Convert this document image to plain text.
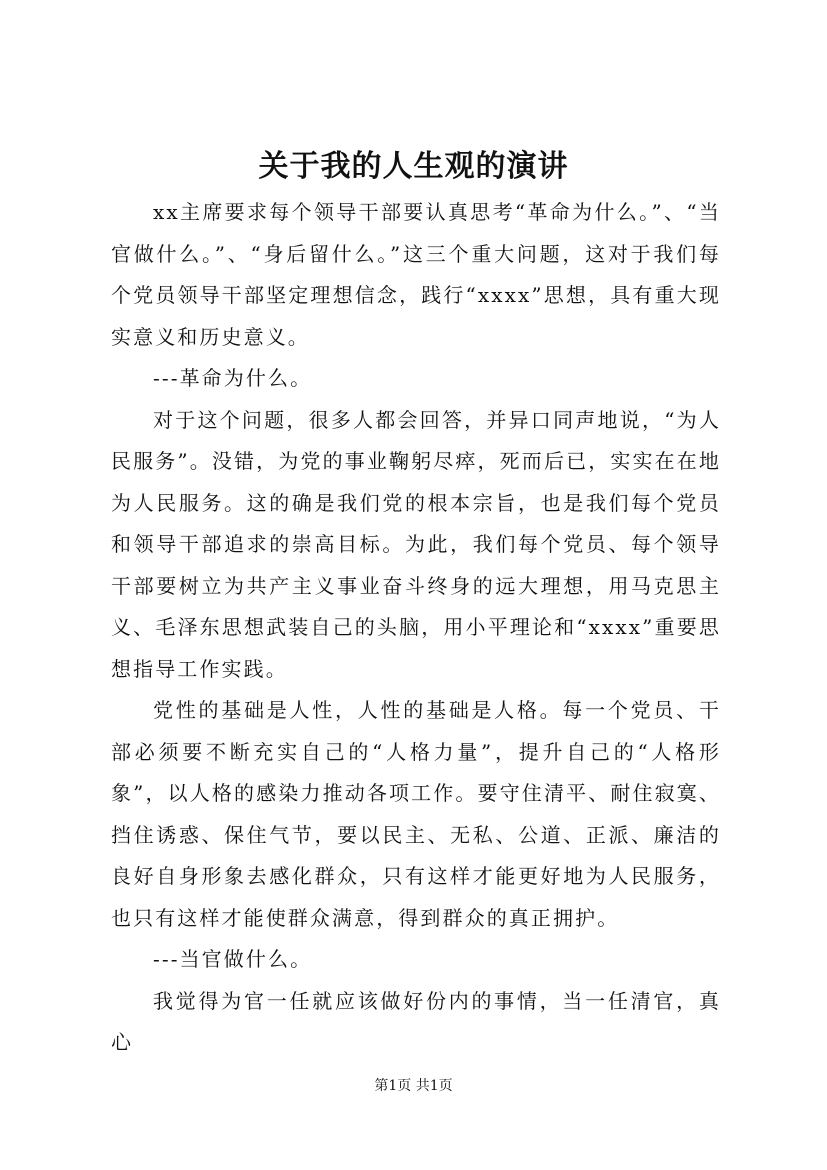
关于我的人生观的演讲

xx主席要求每个领导干部要认真思考“革命为什么。”、“当官做什么。”、“身后留什么。”这三个重大问题，这对于我们每个党员领导干部坚定理想信念，践行“xxxx”思想，具有重大现实意义和历史意义。

---革命为什么。

对于这个问题，很多人都会回答，并异口同声地说，“为人民服务”。没错，为党的事业鞠躬尽瘁，死而后已，实实在在地为人民服务。这的确是我们党的根本宗旨，也是我们每个党员和领导干部追求的崇高目标。为此，我们每个党员、每个领导干部要树立为共产主义事业奋斗终身的远大理想，用马克思主义、毛泽东思想武装自己的头脑，用小平理论和“xxxx”重要思想指导工作实践。

党性的基础是人性，人性的基础是人格。每一个党员、干部必须要不断充实自己的“人格力量”，提升自己的“人格形象”，以人格的感染力推动各项工作。要守住清平、耐住寂寞、挡住诱惑、保住气节，要以民主、无私、公道、正派、廉洁的良好自身形象去感化群众，只有这样才能更好地为人民服务，也只有这样才能使群众满意，得到群众的真正拥护。

---当官做什么。

我觉得为官一任就应该做好份内的事情，当一任清官，真心

第1页 共1页
